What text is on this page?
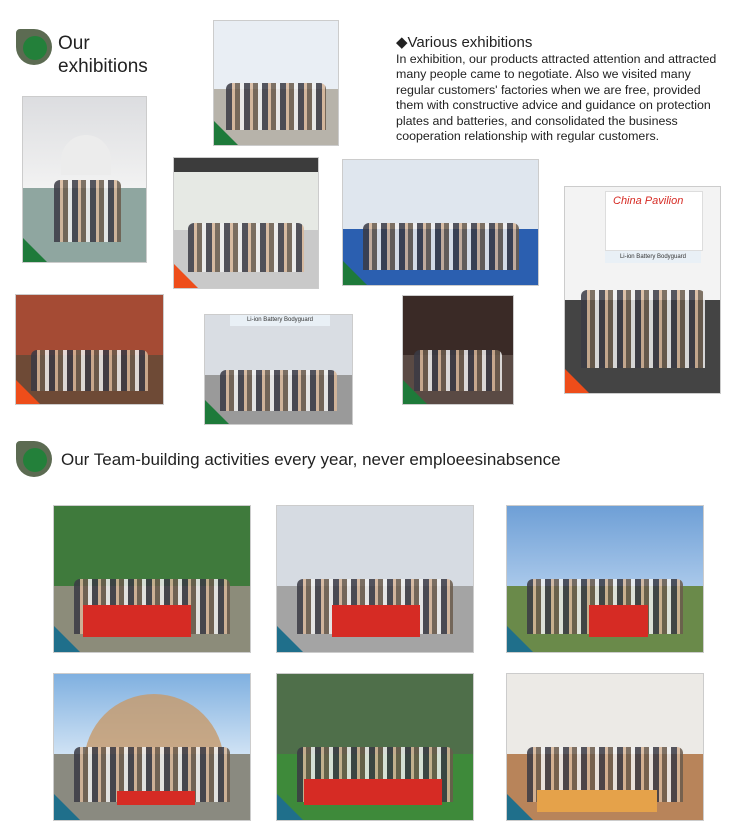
Our
exhibitions
◆Various exhibitions
In exhibition, our products attracted attention and attracted many people came to negotiate. Also we visited many regular customers' factories when we are free, provided them with constructive advice and guidance on protection plates and batteries, and consolidated the business cooperation relationship with regular customers.
China Pavilion
Li-ion Battery Bodyguard
Li-ion Battery Bodyguard
Our Team-building activities every year, never emploeesinabsence
